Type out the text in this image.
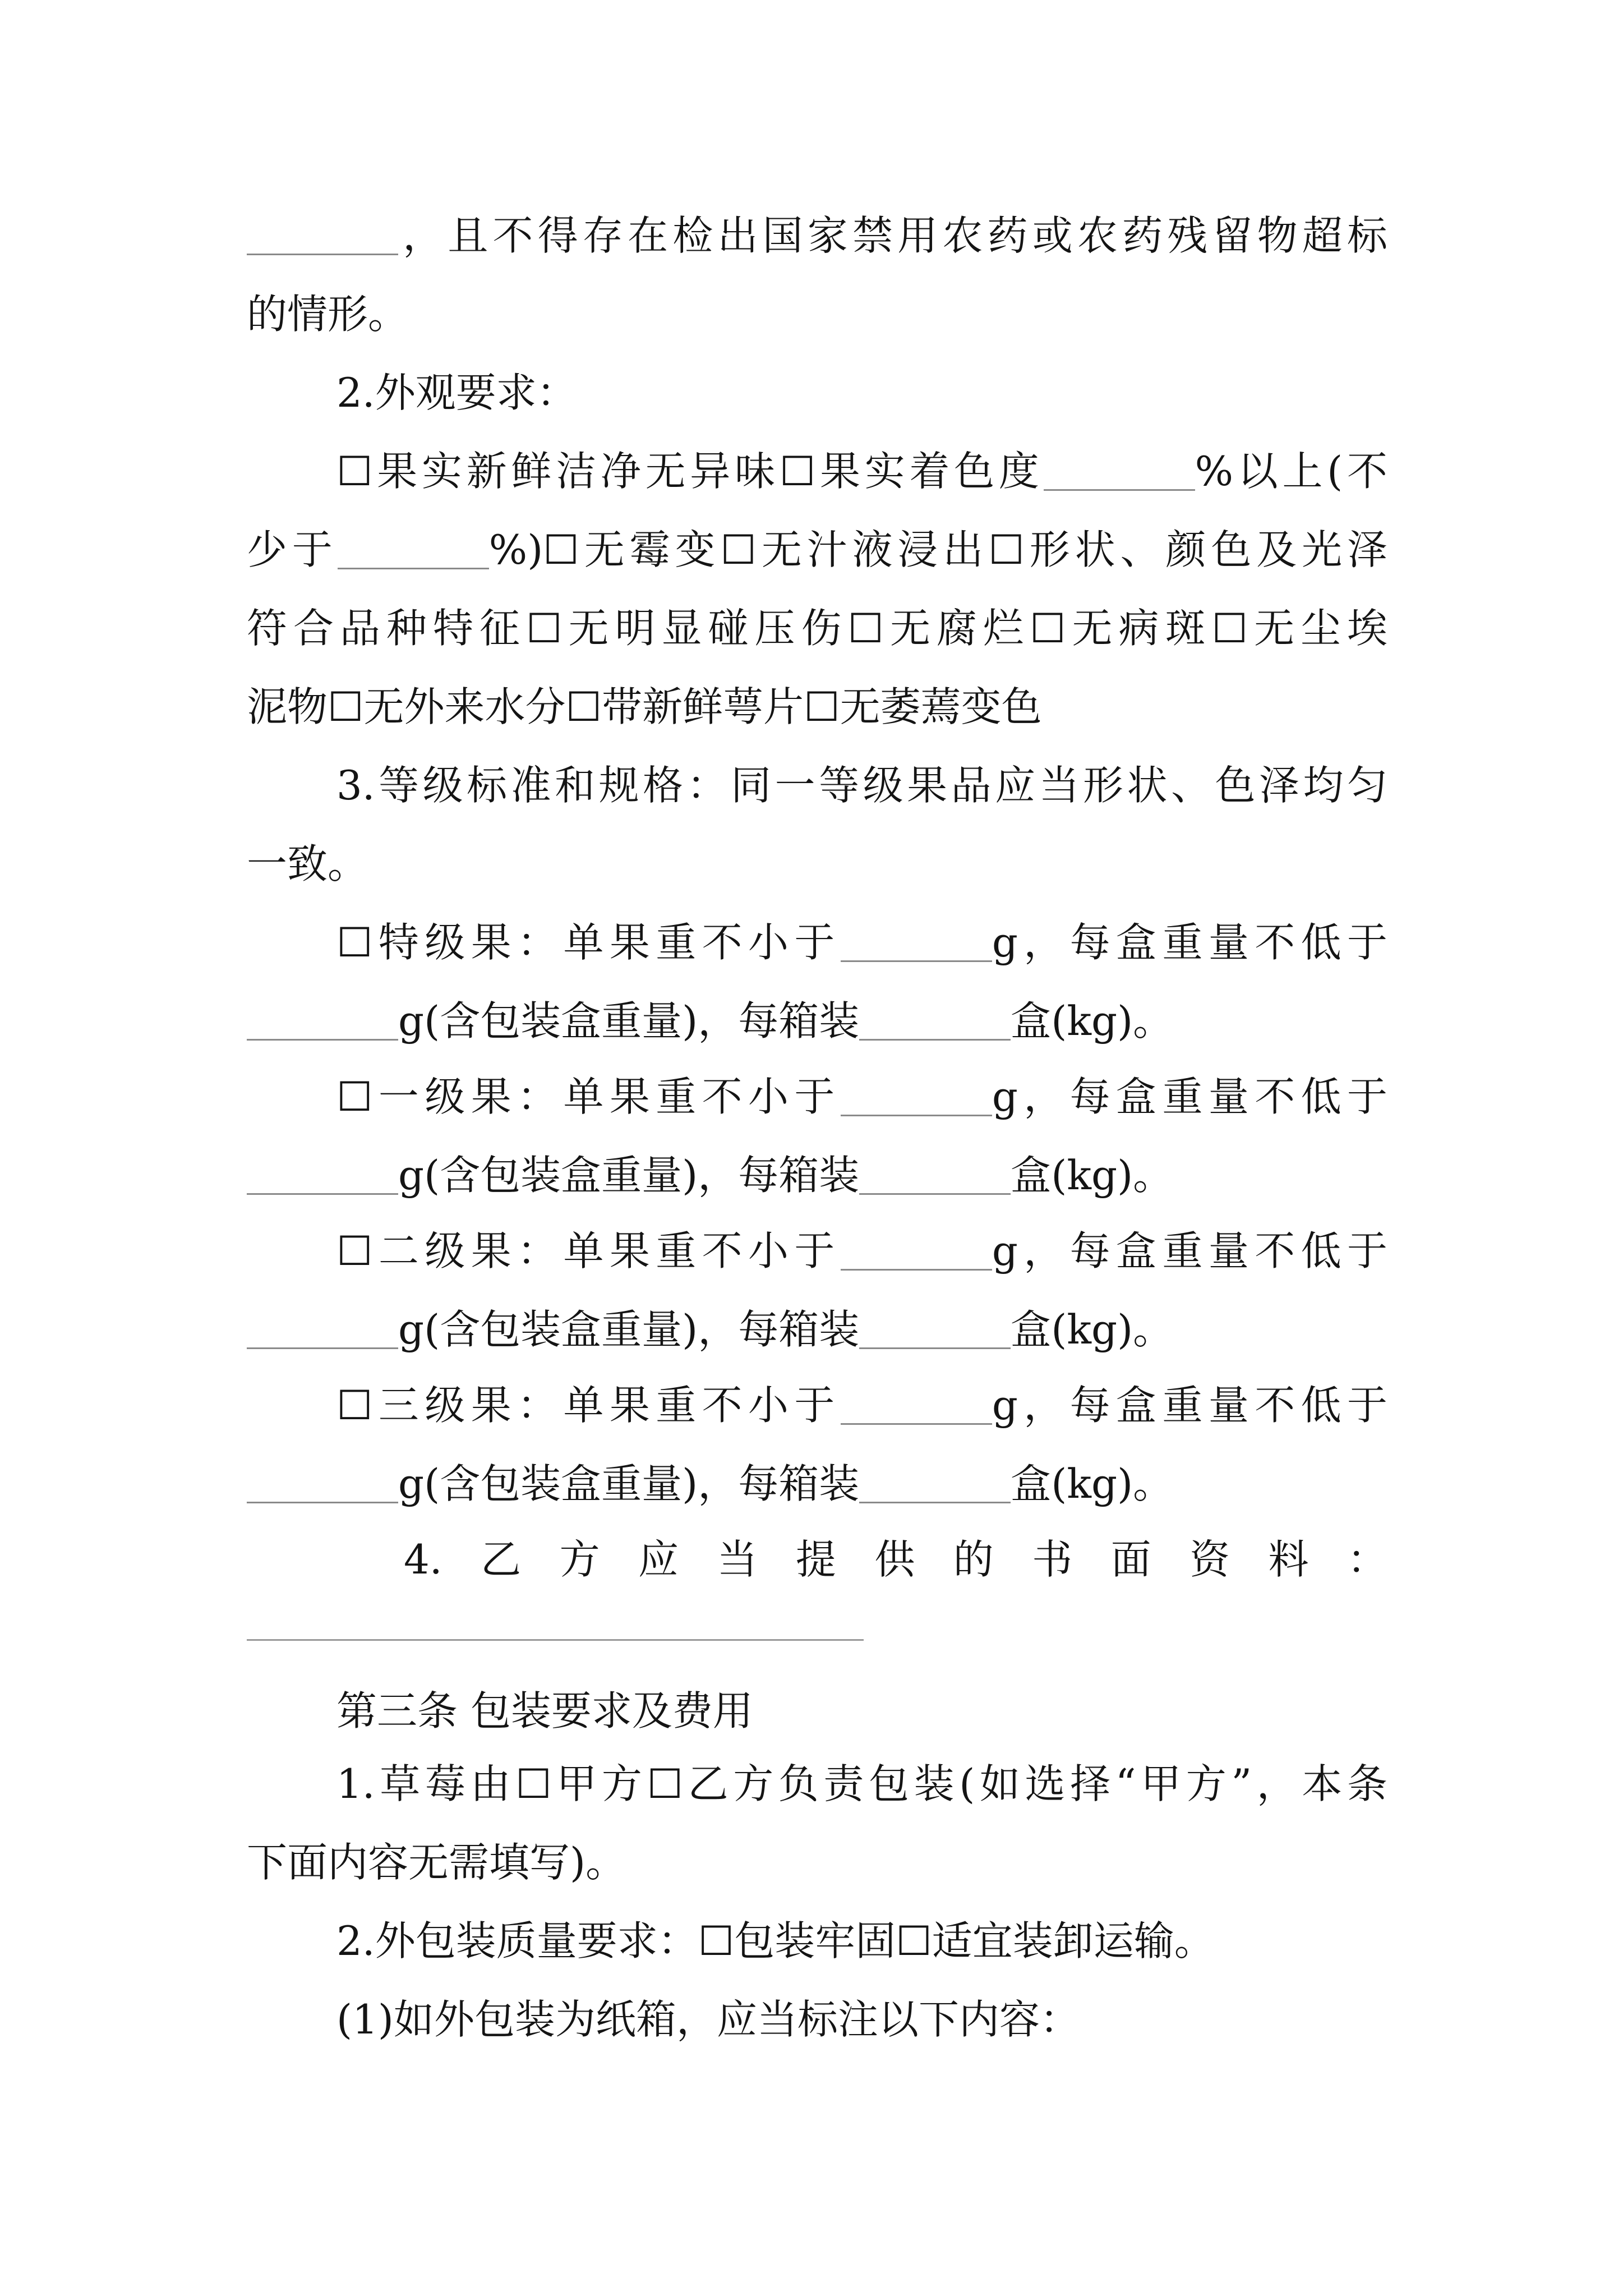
，且不得存在检出国家禁用农药或农药残留物超标
的情形。
2.外观要求：
☐果实新鲜洁净无异味☐果实着色度	%以上(不
少于	%)☐无霉变☐无汁液浸出☐形状、颜色及光泽
符合品种特征☐无明显碰压伤☐无腐烂☐无病斑☐无尘埃
泥物☐无外来水分☐带新鲜萼片☐无萎蔫变色
3.等级标准和规格：同一等级果品应当形状、色泽均匀
一致。
☐特级果：单果重不小于	g，每盒重量不低于
g(含包装盒重量)，每箱装	盒(kg)。
☐一级果：单果重不小于	g，每盒重量不低于
g(含包装盒重量)，每箱装	盒(kg)。
☐二级果：单果重不小于	g，每盒重量不低于
g(含包装盒重量)，每箱装	盒(kg)。
☐三级果：单果重不小于	g，每盒重量不低于
g(含包装盒重量)，每箱装	盒(kg)。
4.乙方应当提供的书面资料：
第三条 包装要求及费用
1.草莓由☐甲方☐乙方负责包装(如选择“甲方”，本条
下面内容无需填写)。
2.外包装质量要求：☐包装牢固☐适宜装卸运输。
(1)如外包装为纸箱，应当标注以下内容：
